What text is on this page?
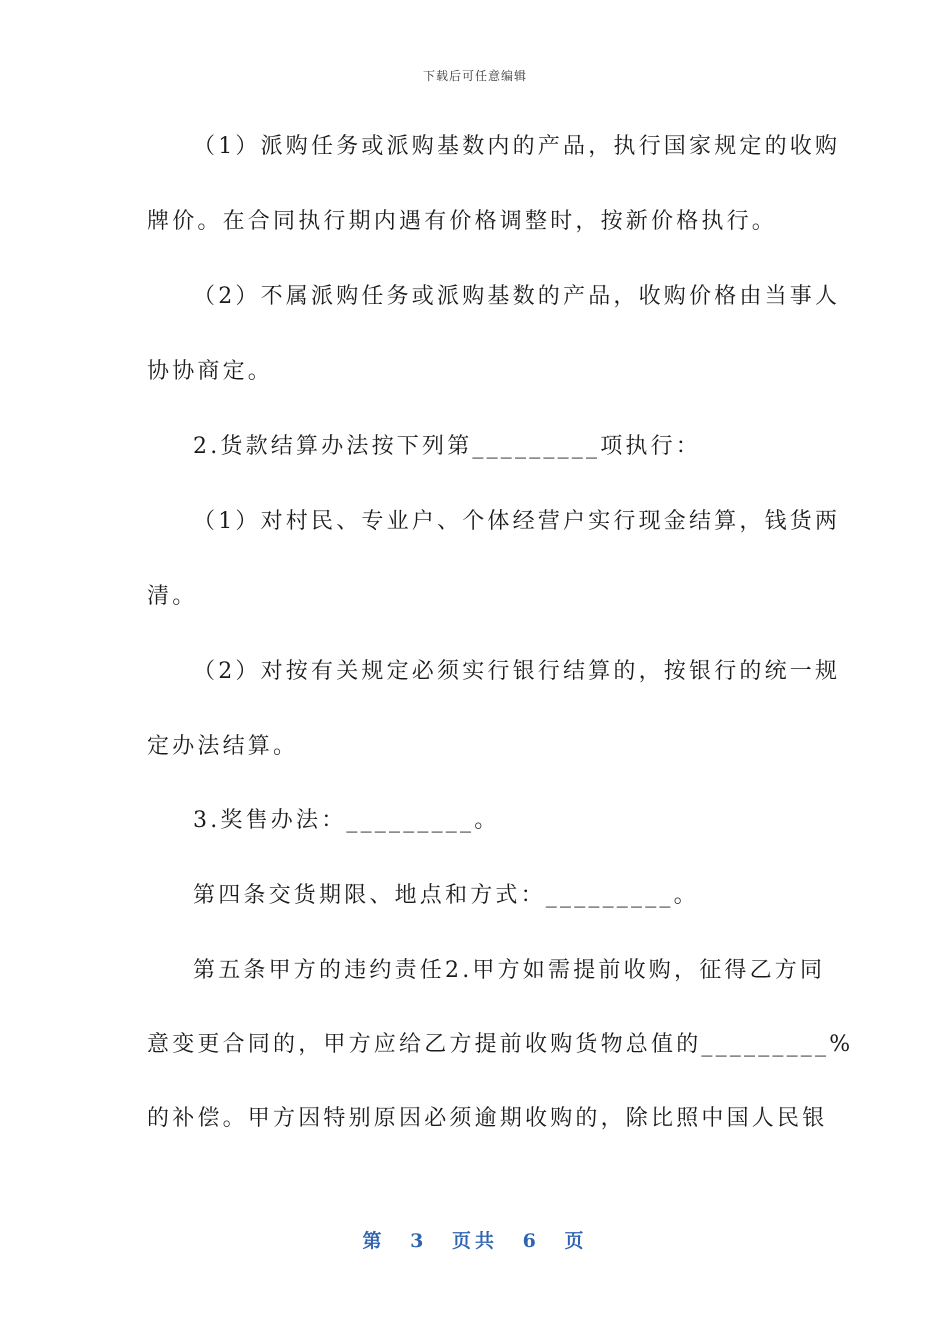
下载后可任意编辑
（1）派购任务或派购基数内的产品，执行国家规定的收购
牌价。在合同执行期内遇有价格调整时，按新价格执行。
（2）不属派购任务或派购基数的产品，收购价格由当事人
协协商定。
2.货款结算办法按下列第_________项执行：
（1）对村民、专业户、个体经营户实行现金结算，钱货两
清。
（2）对按有关规定必须实行银行结算的，按银行的统一规
定办法结算。
3.奖售办法：_________。
第四条交货期限、地点和方式：_________。
第五条甲方的违约责任2.甲方如需提前收购，征得乙方同
意变更合同的，甲方应给乙方提前收购货物总值的_________%
的补偿。甲方因特别原因必须逾期收购的，除比照中国人民银
第 3 页共 6 页
